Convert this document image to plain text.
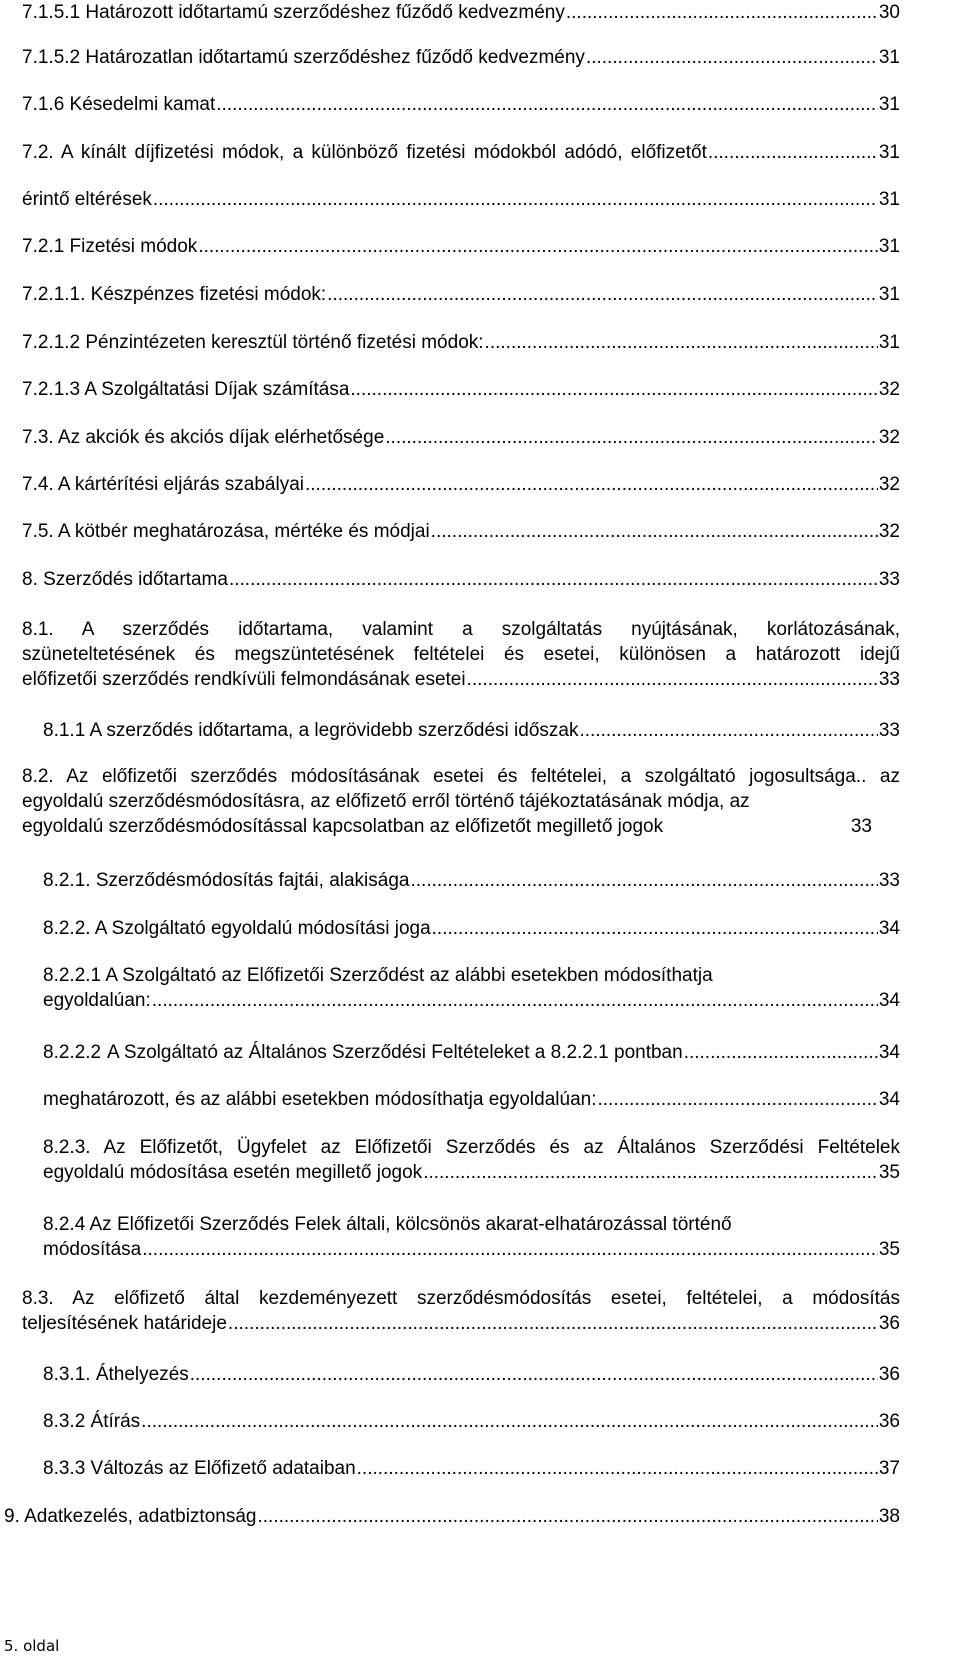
7.1.5.1 Határozott időtartamú szerződéshez fűződő kedvezmény .....	30
7.1.5.2 Határozatlan időtartamú szerződéshez fűződő kedvezmény .....	31
7.1.6 Késedelmi kamat .....	31
7.2. A kínált díjfizetési módok, a különböző fizetési módokból adódó, előfizetőt .....	31
érintő eltérések .....	31
7.2.1 Fizetési módok .....	31
7.2.1.1. Készpénzes fizetési módok: .....	31
7.2.1.2 Pénzintézeten keresztül történő fizetési módok: .....	31
7.2.1.3 A Szolgáltatási Díjak számítása .....	32
7.3. Az akciók és akciós díjak elérhetősége .....	32
7.4. A kártérítési eljárás szabályai .....	32
7.5. A kötbér meghatározása, mértéke és módjai .....	32
8. Szerződés időtartama .....	33
8.1. A szerződés időtartama, valamint a szolgáltatás nyújtásának, korlátozásának,
szüneteltetésének és megszüntetésének feltételei és esetei, különösen a határozott idejű
előfizetői szerződés rendkívüli felmondásának esetei .....	33
8.1.1 A szerződés időtartama, a legrövidebb szerződési időszak .....	33
8.2. Az előfizetői szerződés módosításának esetei és feltételei, a szolgáltató jogosultsága.. az
egyoldalú szerződésmódosításra, az előfizető erről történő tájékoztatásának módja, az
egyoldalú szerződésmódosítással kapcsolatban az előfizetőt megillető jogok	33
8.2.1. Szerződésmódosítás fajtái, alakisága .....	33
8.2.2. A Szolgáltató egyoldalú módosítási joga .....	34
8.2.2.1 A Szolgáltató az Előfizetői Szerződést az alábbi esetekben módosíthatja
egyoldalúan: .....	34
8.2.2.2 A Szolgáltató az Általános Szerződési Feltételeket a 8.2.2.1 pontban .....	34
meghatározott, és az alábbi esetekben módosíthatja egyoldalúan: .....	34
8.2.3. Az Előfizetőt, Ügyfelet az Előfizetői Szerződés és az Általános Szerződési Feltételek
egyoldalú módosítása esetén megillető jogok .....	35
8.2.4 Az Előfizetői Szerződés Felek általi, kölcsönös akarat-elhatározással történő
módosítása .....	35
8.3. Az előfizető által kezdeményezett szerződésmódosítás esetei, feltételei, a módosítás
teljesítésének határideje .....	36
8.3.1. Áthelyezés .....	36
8.3.2 Átírás .....	36
8.3.3 Változás az Előfizető adataiban .....	37
9. Adatkezelés, adatbiztonság .....	38
5. oldal
